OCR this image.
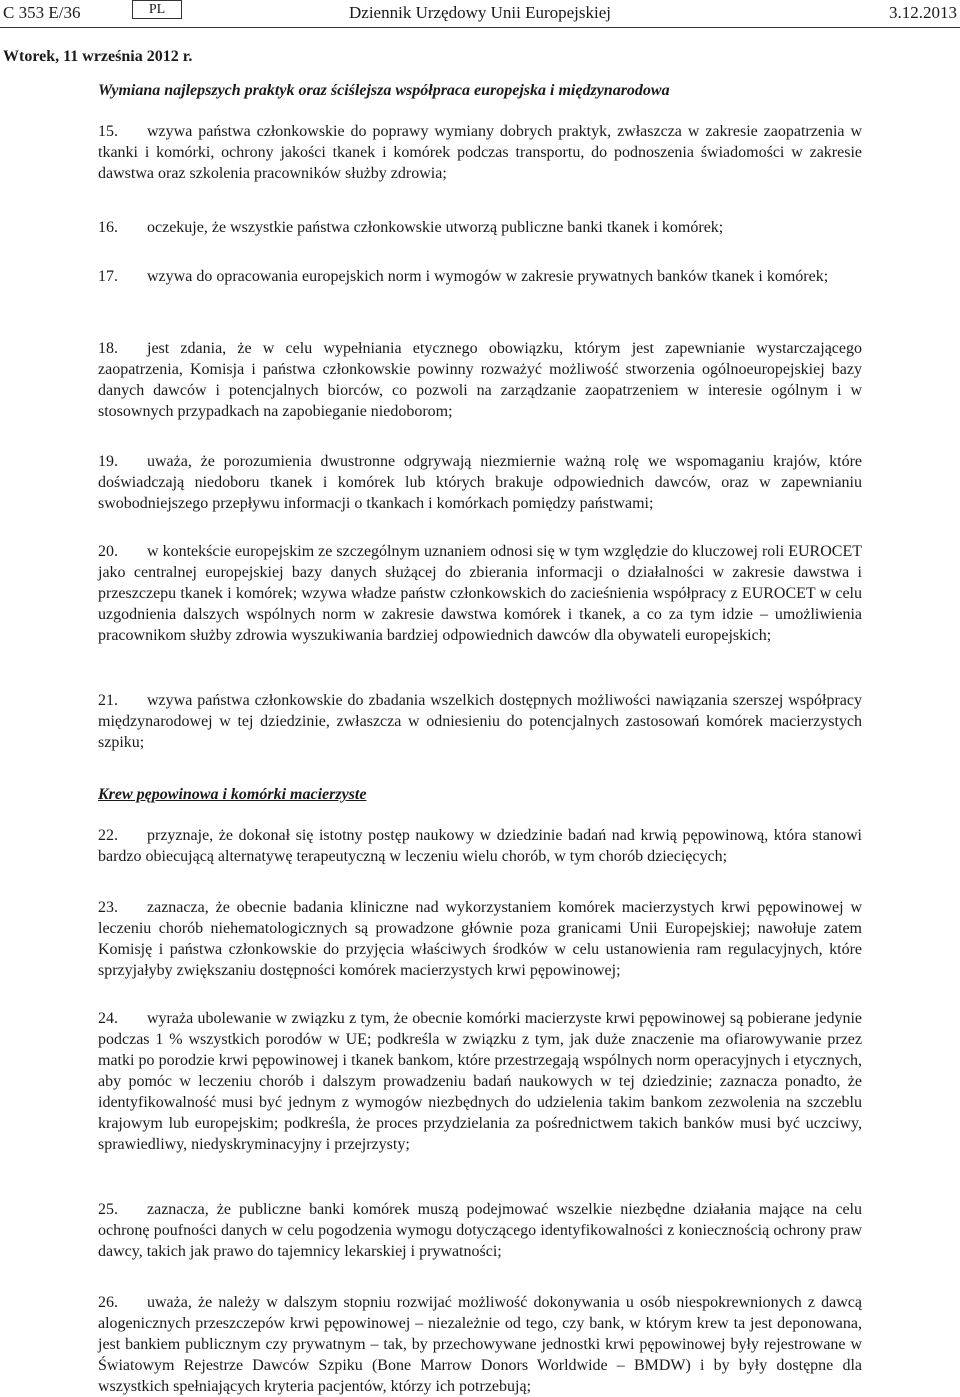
C 353 E/36	PL	Dziennik Urzędowy Unii Europejskiej	3.12.2013
Wtorek, 11 września 2012 r.
Wymiana najlepszych praktyk oraz ściślejsza współpraca europejska i międzynarodowa
15. wzywa państwa członkowskie do poprawy wymiany dobrych praktyk, zwłaszcza w zakresie zaopatrzenia w tkanki i komórki, ochrony jakości tkanek i komórek podczas transportu, do podnoszenia świadomości w zakresie dawstwa oraz szkolenia pracowników służby zdrowia;
16. oczekuje, że wszystkie państwa członkowskie utworzą publiczne banki tkanek i komórek;
17. wzywa do opracowania europejskich norm i wymogów w zakresie prywatnych banków tkanek i komórek;
18. jest zdania, że w celu wypełniania etycznego obowiązku, którym jest zapewnianie wystarczającego zaopatrzenia, Komisja i państwa członkowskie powinny rozważyć możliwość stworzenia ogólnoeuropejskiej bazy danych dawców i potencjalnych biorców, co pozwoli na zarządzanie zaopatrzeniem w interesie ogólnym i w stosownych przypadkach na zapobieganie niedoborom;
19. uważa, że porozumienia dwustronne odgrywają niezmiernie ważną rolę we wspomaganiu krajów, które doświadczają niedoboru tkanek i komórek lub których brakuje odpowiednich dawców, oraz w zapewnianiu swobodniejszego przepływu informacji o tkankach i komórkach pomiędzy państwami;
20. w kontekście europejskim ze szczególnym uznaniem odnosi się w tym względzie do kluczowej roli EUROCET jako centralnej europejskiej bazy danych służącej do zbierania informacji o działalności w zakresie dawstwa i przeszczepu tkanek i komórek; wzywa władze państw członkowskich do zacieśnienia współpracy z EUROCET w celu uzgodnienia dalszych wspólnych norm w zakresie dawstwa komórek i tkanek, a co za tym idzie – umożliwienia pracownikom służby zdrowia wyszukiwania bardziej odpowiednich dawców dla obywateli europejskich;
21. wzywa państwa członkowskie do zbadania wszelkich dostępnych możliwości nawiązania szerszej współpracy międzynarodowej w tej dziedzinie, zwłaszcza w odniesieniu do potencjalnych zastosowań komórek macierzystych szpiku;
Krew pępowinowa i komórki macierzyste
22. przyznaje, że dokonał się istotny postęp naukowy w dziedzinie badań nad krwią pępowinową, która stanowi bardzo obiecującą alternatywę terapeutyczną w leczeniu wielu chorób, w tym chorób dziecięcych;
23. zaznacza, że obecnie badania kliniczne nad wykorzystaniem komórek macierzystych krwi pępowinowej w leczeniu chorób niehematologicznych są prowadzone głównie poza granicami Unii Europejskiej; nawołuje zatem Komisję i państwa członkowskie do przyjęcia właściwych środków w celu ustanowienia ram regulacyjnych, które sprzyjałyby zwiększaniu dostępności komórek macierzystych krwi pępowinowej;
24. wyraża ubolewanie w związku z tym, że obecnie komórki macierzyste krwi pępowinowej są pobierane jedynie podczas 1 % wszystkich porodów w UE; podkreśla w związku z tym, jak duże znaczenie ma ofiarowywanie przez matki po porodzie krwi pępowinowej i tkanek bankom, które przestrzegają wspólnych norm operacyjnych i etycznych, aby pomóc w leczeniu chorób i dalszym prowadzeniu badań naukowych w tej dziedzinie; zaznacza ponadto, że identyfikowalność musi być jednym z wymogów niezbędnych do udzielenia takim bankom zezwolenia na szczeblu krajowym lub europejskim; podkreśla, że proces przydzielania za pośrednictwem takich banków musi być uczciwy, sprawiedliwy, niedyskryminacyjny i przejrzysty;
25. zaznacza, że publiczne banki komórek muszą podejmować wszelkie niezbędne działania mające na celu ochronę poufności danych w celu pogodzenia wymogu dotyczącego identyfikowalności z koniecznością ochrony praw dawcy, takich jak prawo do tajemnicy lekarskiej i prywatności;
26. uważa, że należy w dalszym stopniu rozwijać możliwość dokonywania u osób niespokrewnionych z dawcą alogenicznych przeszczepów krwi pępowinowej – niezależnie od tego, czy bank, w którym krew ta jest deponowana, jest bankiem publicznym czy prywatnym – tak, by przechowywane jednostki krwi pępowinowej były rejestrowane w Światowym Rejestrze Dawców Szpiku (Bone Marrow Donors Worldwide – BMDW) i by były dostępne dla wszystkich spełniających kryteria pacjentów, którzy ich potrzebują;
